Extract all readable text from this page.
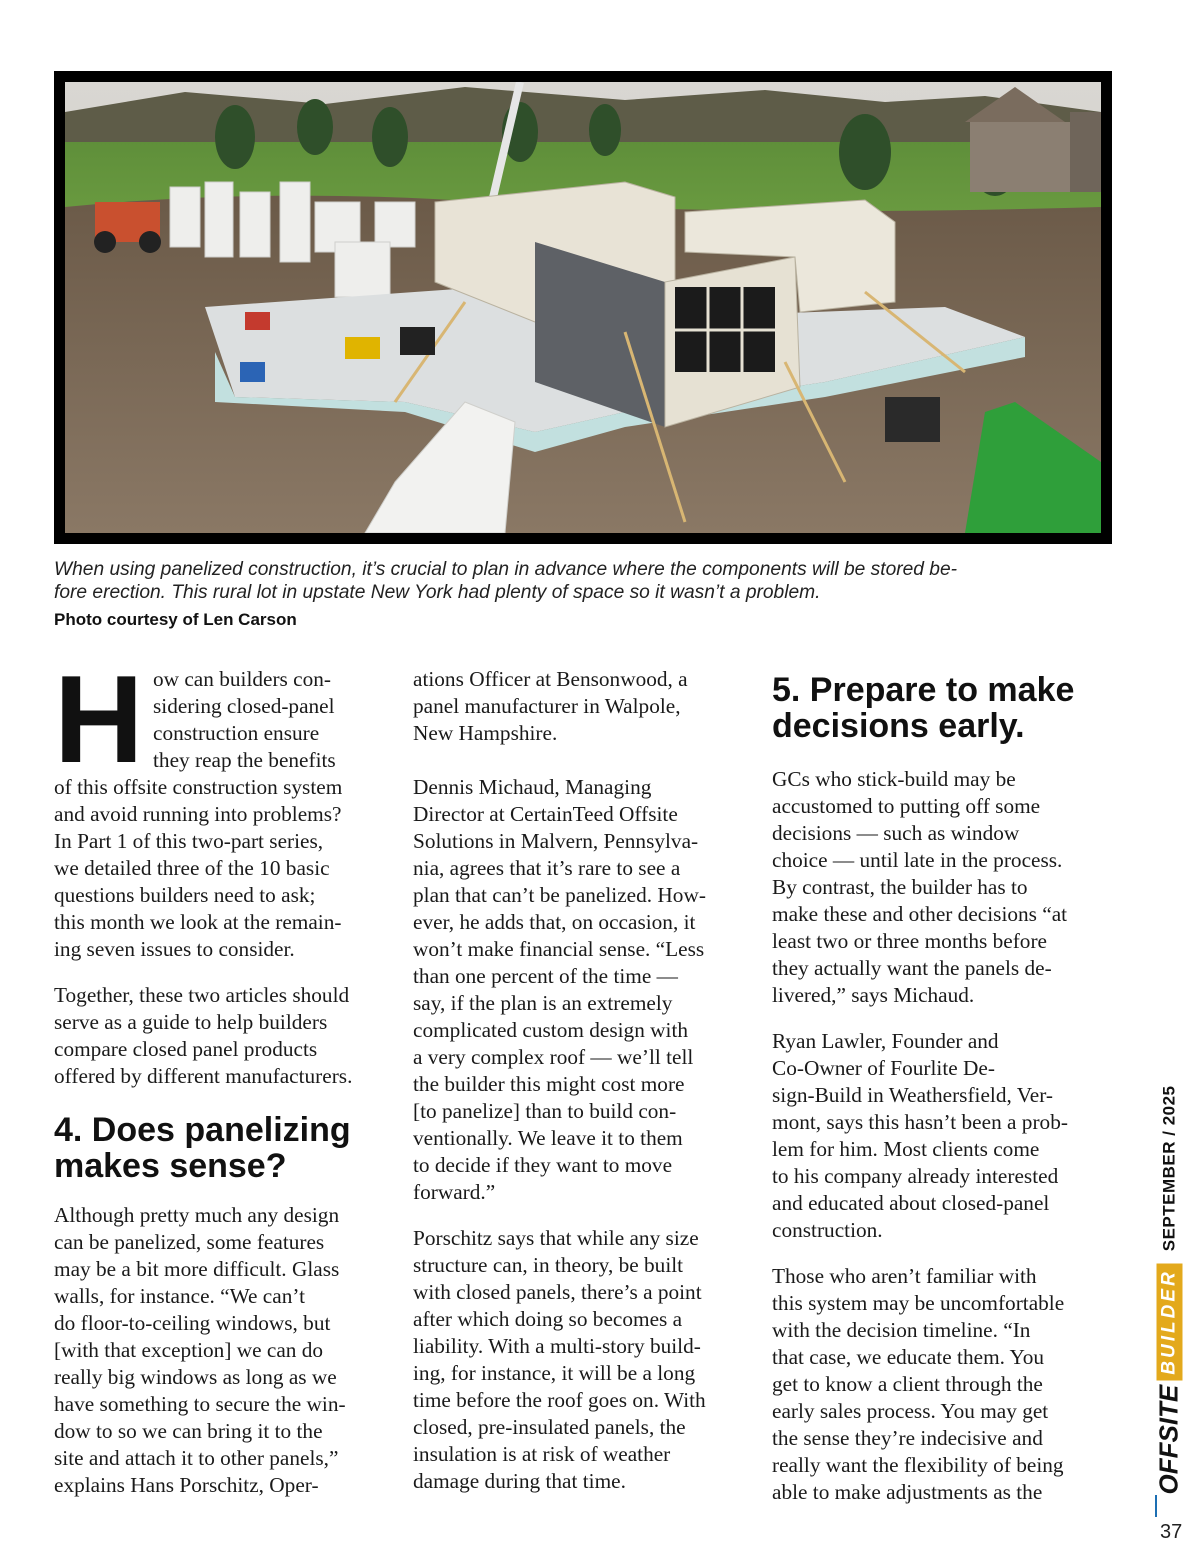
When using panelized construction, it’s crucial to plan in advance where the components will be stored be-
fore erection. This rural lot in upstate New York had plenty of space so it wasn’t a problem.
Photo courtesy of Len Carson
H ow can builders con-
sidering closed-panel
construction ensure
they reap the benefits
of this offsite construction system
and avoid running into problems?
In Part 1 of this two-part series,
we detailed three of the 10 basic
questions builders need to ask;
this month we look at the remain-
ing seven issues to consider.

Together, these two articles should
serve as a guide to help builders
compare closed panel products
offered by different manufacturers.

4. Does panelizing
makes sense?

Although pretty much any design
can be panelized, some features
may be a bit more difficult. Glass
walls, for instance. “We can’t
do floor-to-ceiling windows, but
[with that exception] we can do
really big windows as long as we
have something to secure the win-
dow to so we can bring it to the
site and attach it to other panels,”
explains Hans Porschitz, Oper-

ations Officer at Bensonwood, a
panel manufacturer in Walpole,
New Hampshire.

Dennis Michaud, Managing
Director at CertainTeed Offsite
Solutions in Malvern, Pennsylva-
nia, agrees that it’s rare to see a
plan that can’t be panelized. How-
ever, he adds that, on occasion, it
won’t make financial sense. “Less
than one percent of the time —
say, if the plan is an extremely
complicated custom design with
a very complex roof — we’ll tell
the builder this might cost more
[to panelize] than to build con-
ventionally. We leave it to them
to decide if they want to move
forward.”

Porschitz says that while any size
structure can, in theory, be built
with closed panels, there’s a point
after which doing so becomes a
liability. With a multi-story build-
ing, for instance, it will be a long
time before the roof goes on. With
closed, pre-insulated panels, the
insulation is at risk of weather
damage during that time.

5. Prepare to make
decisions early.

GCs who stick-build may be
accustomed to putting off some
decisions — such as window
choice — until late in the process.
By contrast, the builder has to
make these and other decisions “at
least two or three months before
they actually want the panels de-
livered,” says Michaud.

Ryan Lawler, Founder and
Co-Owner of Fourlite De-
sign-Build in Weathersfield, Ver-
mont, says this hasn’t been a prob-
lem for him. Most clients come
to his company already interested
and educated about closed-panel
construction.

Those who aren’t familiar with
this system may be uncomfortable
with the decision timeline. “In
that case, we educate them. You
get to know a client through the
early sales process. You may get
the sense they’re indecisive and
really want the flexibility of being
able to make adjustments as the	OFFSITE
BUILDER
SEPTEMBER / 2025
37
